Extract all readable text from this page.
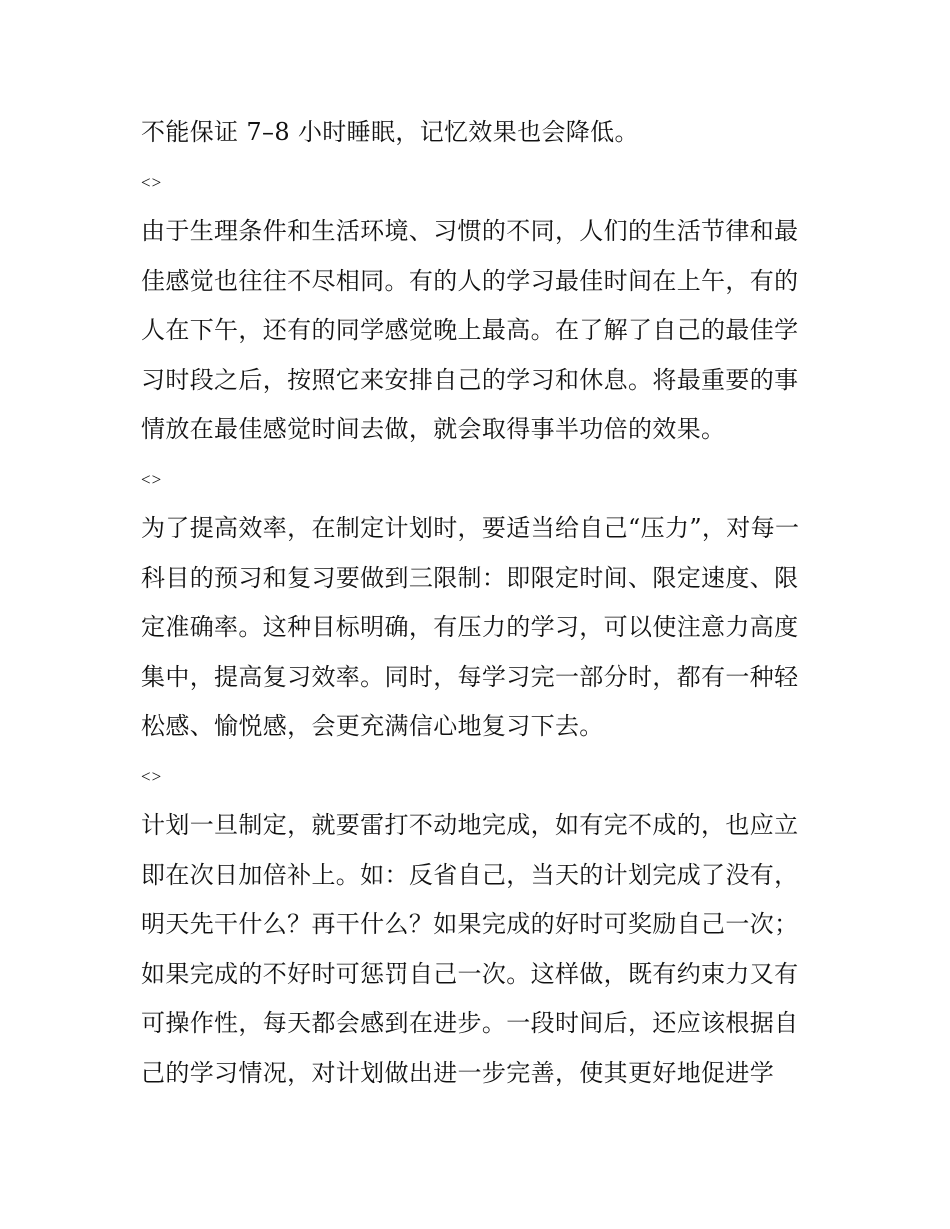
不能保证 7–8 小时睡眠，记忆效果也会降低。
<>
由于生理条件和生活环境、习惯的不同，人们的生活节律和最
佳感觉也往往不尽相同。有的人的学习最佳时间在上午，有的
人在下午，还有的同学感觉晚上最高。在了解了自己的最佳学
习时段之后，按照它来安排自己的学习和休息。将最重要的事
情放在最佳感觉时间去做，就会取得事半功倍的效果。
<>
为了提高效率，在制定计划时，要适当给自己“压力”，对每一
科目的预习和复习要做到三限制：即限定时间、限定速度、限
定准确率。这种目标明确，有压力的学习，可以使注意力高度
集中，提高复习效率。同时，每学习完一部分时，都有一种轻
松感、愉悦感，会更充满信心地复习下去。
<>
计划一旦制定，就要雷打不动地完成，如有完不成的，也应立
即在次日加倍补上。如：反省自己，当天的计划完成了没有，
明天先干什么？再干什么？如果完成的好时可奖励自己一次；
如果完成的不好时可惩罚自己一次。这样做，既有约束力又有
可操作性，每天都会感到在进步。一段时间后，还应该根据自
己的学习情况，对计划做出进一步完善，使其更好地促进学
